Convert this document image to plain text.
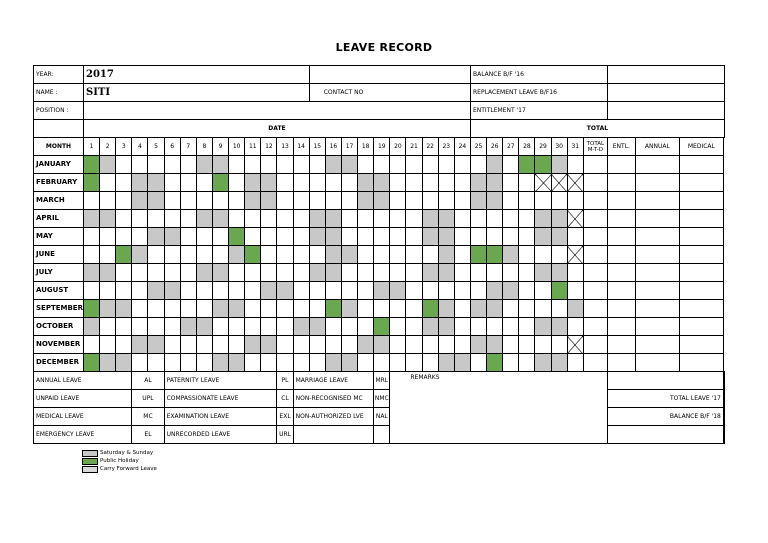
LEAVE RECORD
YEAR:	2017																								BALANCE B/F '16											
NAME :	SITI														CONTACT NO										REPLACEMENT LEAVE B/F16											
POSITION :																									ENTITLEMENT '17											
	DATE																								TOTAL											
MONTH	1	2	3	4	5	6	7	8	9	10	11	12	13	14	15	16	17	18	19	20	21	22	23	24	25	26	27	28	29	30	31	TOTAL M-T-D	ENTL.	ANNUAL	MEDICAL	
JANUARY																																				
FEBRUARY																																				
MARCH																																				
APRIL																																				
MAY																																				
JUNE																																				
JULY																																				
AUGUST																																				
SEPTEMBER																																				
OCTOBER																																				
NOVEMBER																																				
DECEMBER																																				
ANNUAL LEAVE				AL		PATERNITY LEAVE							PL	MARRIAGE LEAVE					MRL	REMARKS																
UNPAID LEAVE				UPL		COMPASSIONATE LEAVE							CL	NON-RECOGNISED MC					NMC														TOTAL LEAVE '17			
MEDICAL LEAVE				MC		EXAMINATION LEAVE							EXL	NON-AUTHORIZED LVE					NAL														BALANCE B/F '18			
EMERGENCY LEAVE				EL		UNRECORDED LEAVE							URL																							
Saturday & Sunday
Public Holiday
Carry Forward Leave
